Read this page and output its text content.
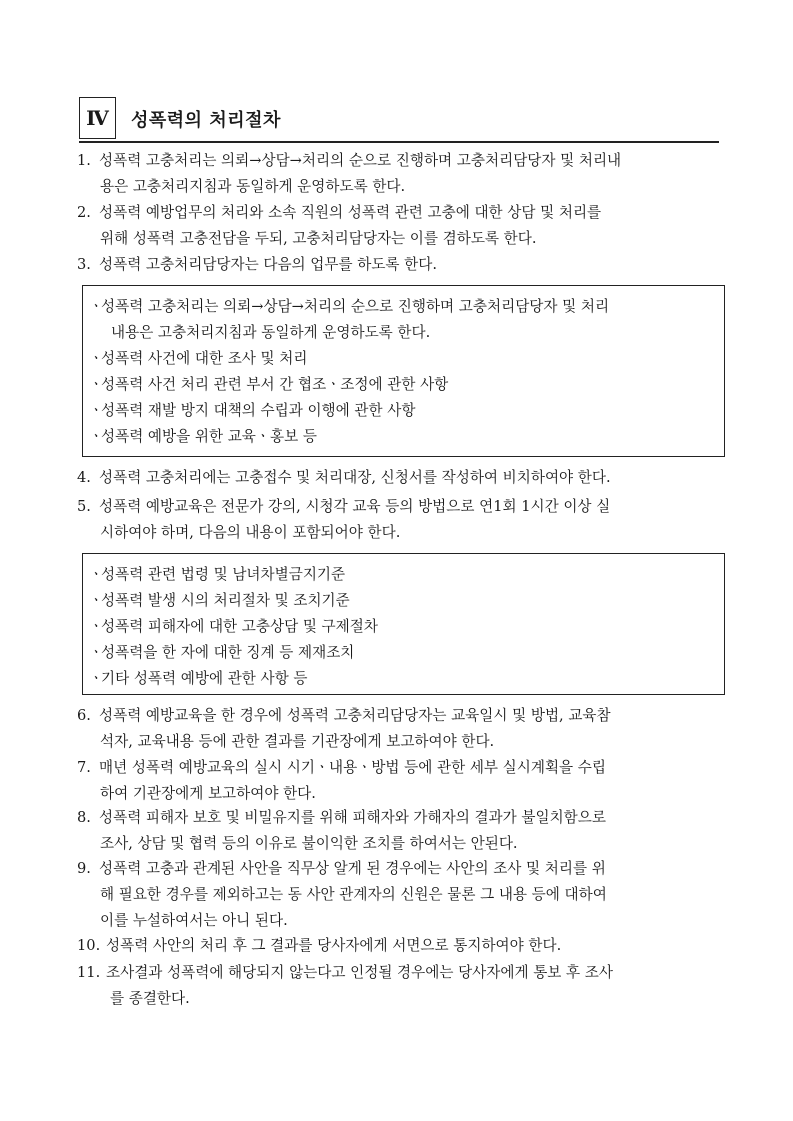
Ⅳ	성폭력의 처리절차
1. 성폭력 고충처리는 의뢰→상담→처리의 순으로 진행하며 고충처리담당자 및 처리내
용은 고충처리지침과 동일하게 운영하도록 한다.
2. 성폭력 예방업무의 처리와 소속 직원의 성폭력 관련 고충에 대한 상담 및 처리를
위해 성폭력 고충전담을 두되, 고충처리담당자는 이를 겸하도록 한다.
3. 성폭력 고충처리담당자는 다음의 업무를 하도록 한다.
ㆍ성폭력 고충처리는 의뢰→상담→처리의 순으로 진행하며 고충처리담당자 및 처리
내용은 고충처리지침과 동일하게 운영하도록 한다.
ㆍ성폭력 사건에 대한 조사 및 처리
ㆍ성폭력 사건 처리 관련 부서 간 협조ㆍ조정에 관한 사항
ㆍ성폭력 재발 방지 대책의 수립과 이행에 관한 사항
ㆍ성폭력 예방을 위한 교육ㆍ홍보 등
4. 성폭력 고충처리에는 고충접수 및 처리대장, 신청서를 작성하여 비치하여야 한다.
5. 성폭력 예방교육은 전문가 강의, 시청각 교육 등의 방법으로 연1회 1시간 이상 실
시하여야 하며, 다음의 내용이 포함되어야 한다.
ㆍ성폭력 관련 법령 및 남녀차별금지기준
ㆍ성폭력 발생 시의 처리절차 및 조치기준
ㆍ성폭력 피해자에 대한 고충상담 및 구제절차
ㆍ성폭력을 한 자에 대한 징계 등 제재조치
ㆍ기타 성폭력 예방에 관한 사항 등
6. 성폭력 예방교육을 한 경우에 성폭력 고충처리담당자는 교육일시 및 방법, 교육참
석자, 교육내용 등에 관한 결과를 기관장에게 보고하여야 한다.
7. 매년 성폭력 예방교육의 실시 시기ㆍ내용ㆍ방법 등에 관한 세부 실시계획을 수립
하여 기관장에게 보고하여야 한다.
8. 성폭력 피해자 보호 및 비밀유지를 위해 피해자와 가해자의 결과가 불일치함으로
조사, 상담 및 협력 등의 이유로 불이익한 조치를 하여서는 안된다.
9. 성폭력 고충과 관계된 사안을 직무상 알게 된 경우에는 사안의 조사 및 처리를 위
해 필요한 경우를 제외하고는 동 사안 관계자의 신원은 물론 그 내용 등에 대하여
이를 누설하여서는 아니 된다.
10. 성폭력 사안의 처리 후 그 결과를 당사자에게 서면으로 통지하여야 한다.
11. 조사결과 성폭력에 해당되지 않는다고 인정될 경우에는 당사자에게 통보 후 조사
를 종결한다.
